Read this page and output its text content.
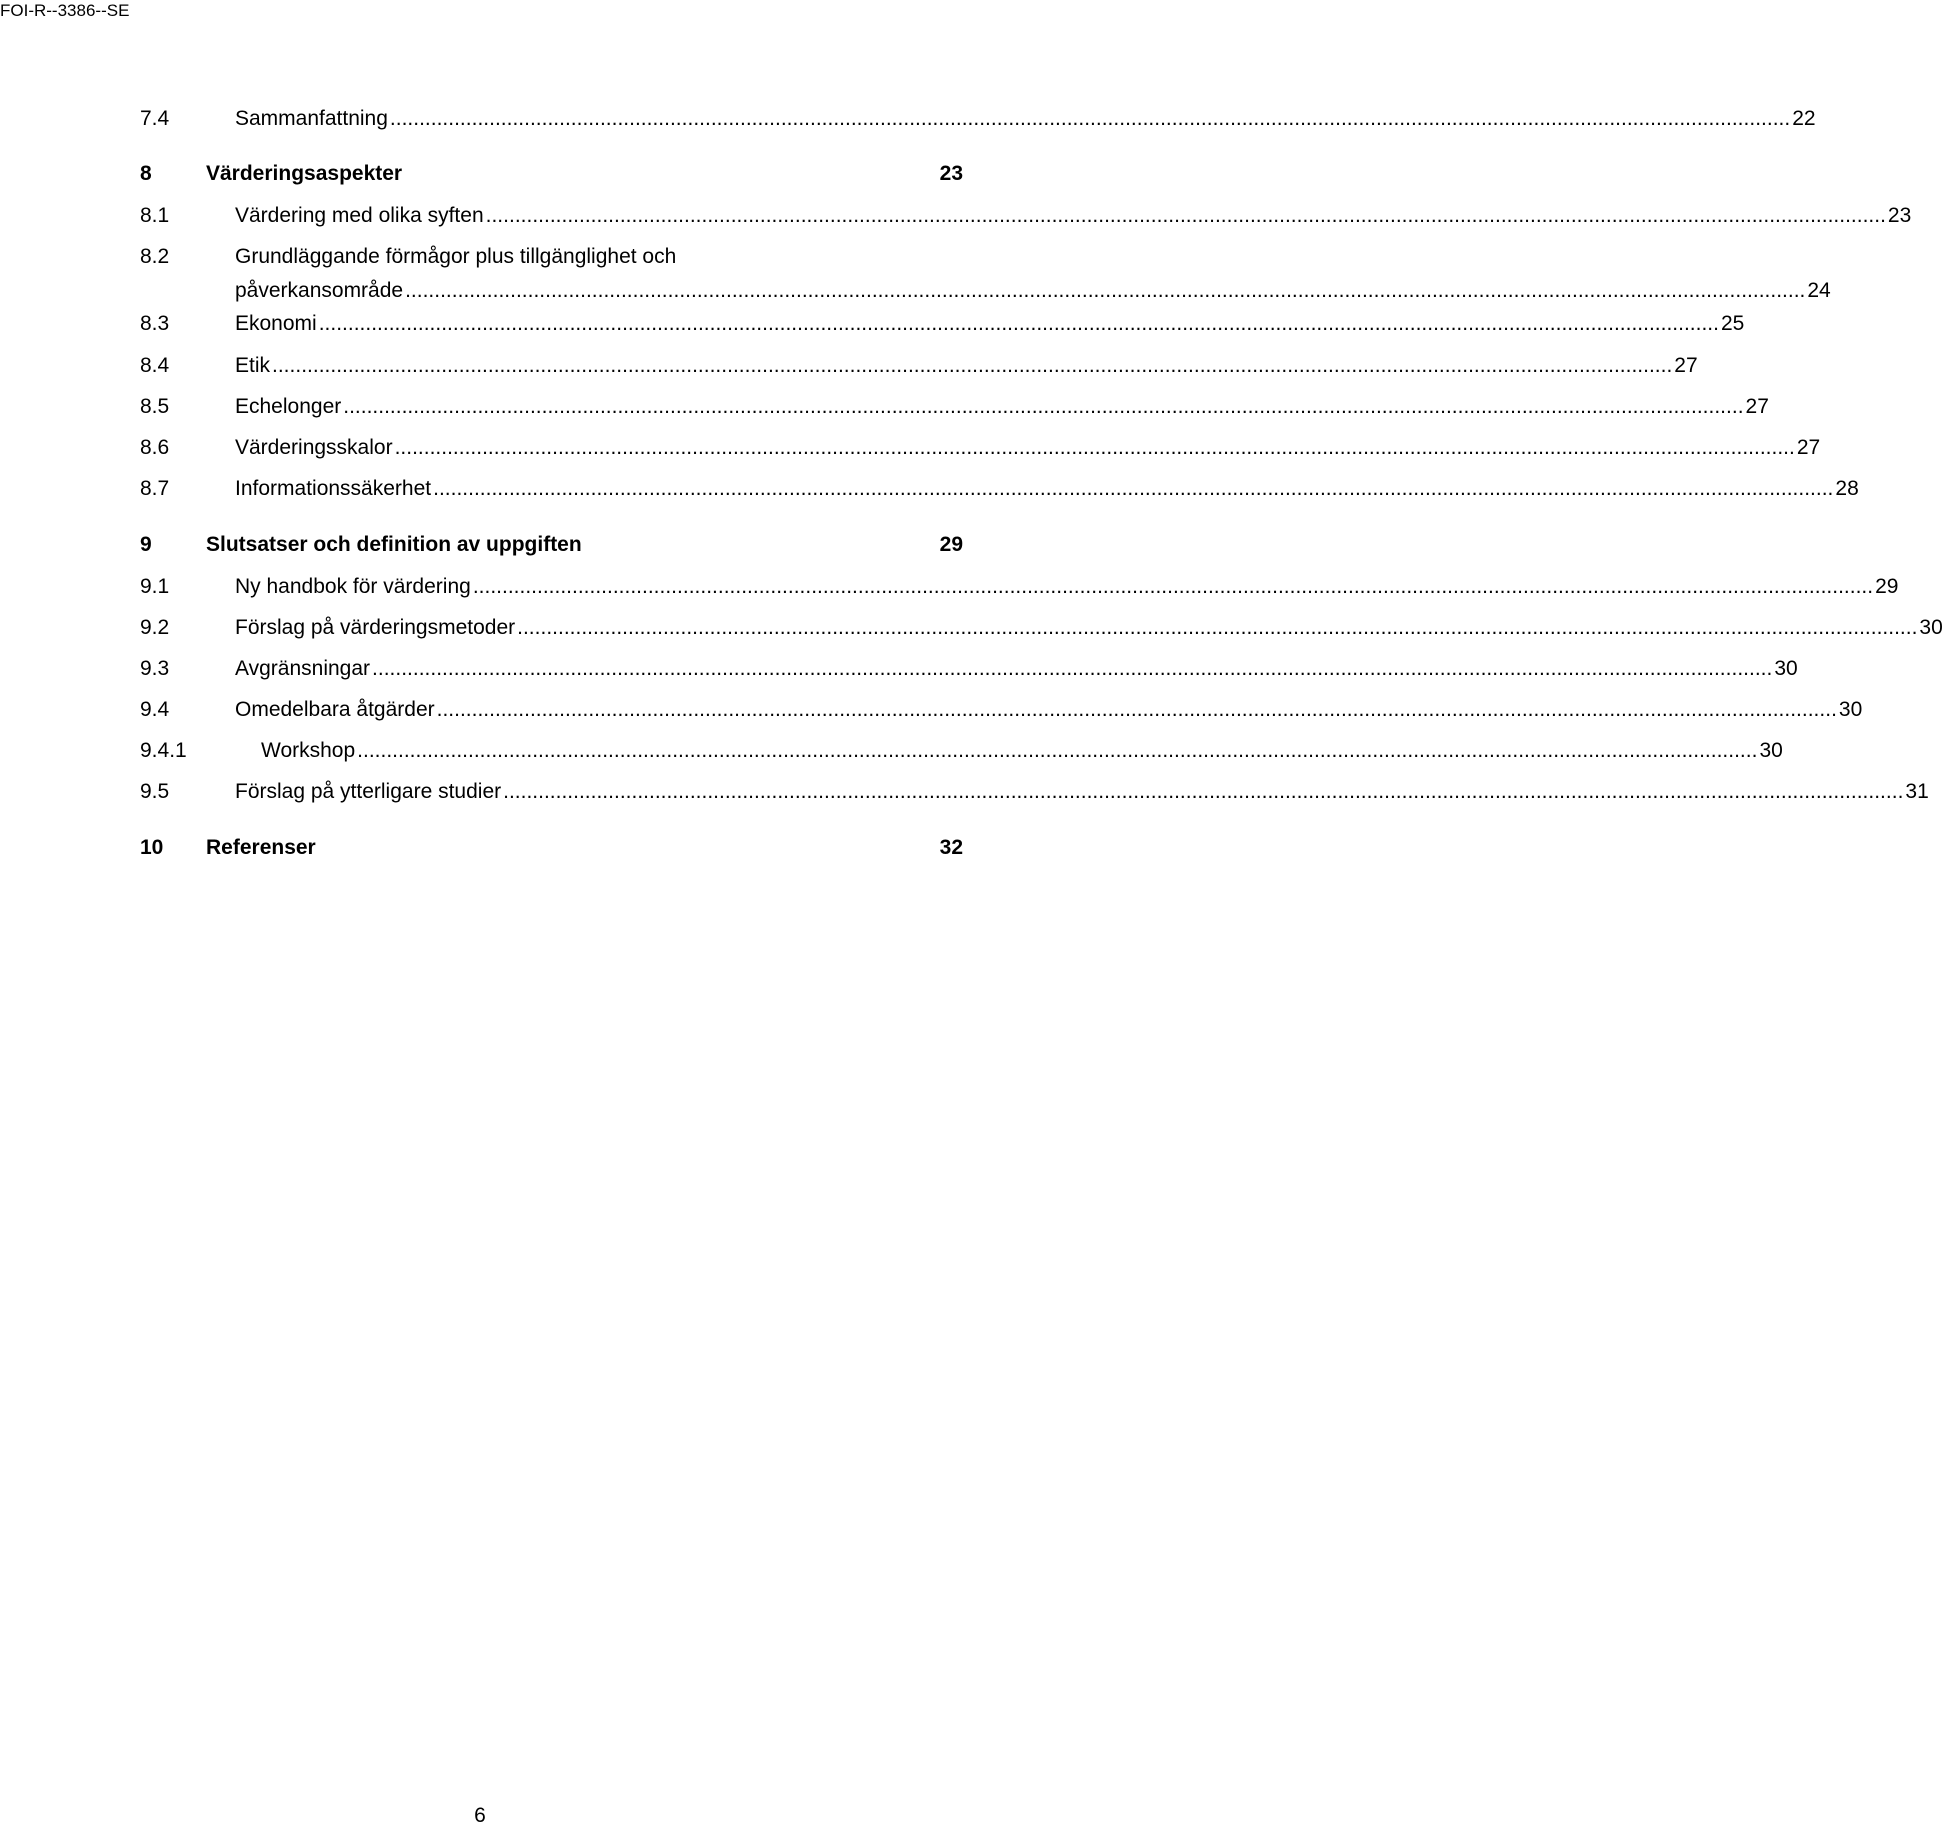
FOI-R--3386--SE
7.4	Sammanfattning .....	22
8	Värderingsaspekter	23
8.1	Värdering med olika syften .....	23
8.2	Grundläggande förmågor plus tillgänglighet och
påverkansområde .....	24
8.3	Ekonomi .....	25
8.4	Etik .....	27
8.5	Echelonger .....	27
8.6	Värderingsskalor .....	27
8.7	Informationssäkerhet .....	28
9	Slutsatser och definition av uppgiften	29
9.1	Ny handbok för värdering .....	29
9.2	Förslag på värderingsmetoder .....	30
9.3	Avgränsningar .....	30
9.4	Omedelbara åtgärder .....	30
9.4.1	Workshop .....	30
9.5	Förslag på ytterligare studier .....	31
10 Referenser	32
6
